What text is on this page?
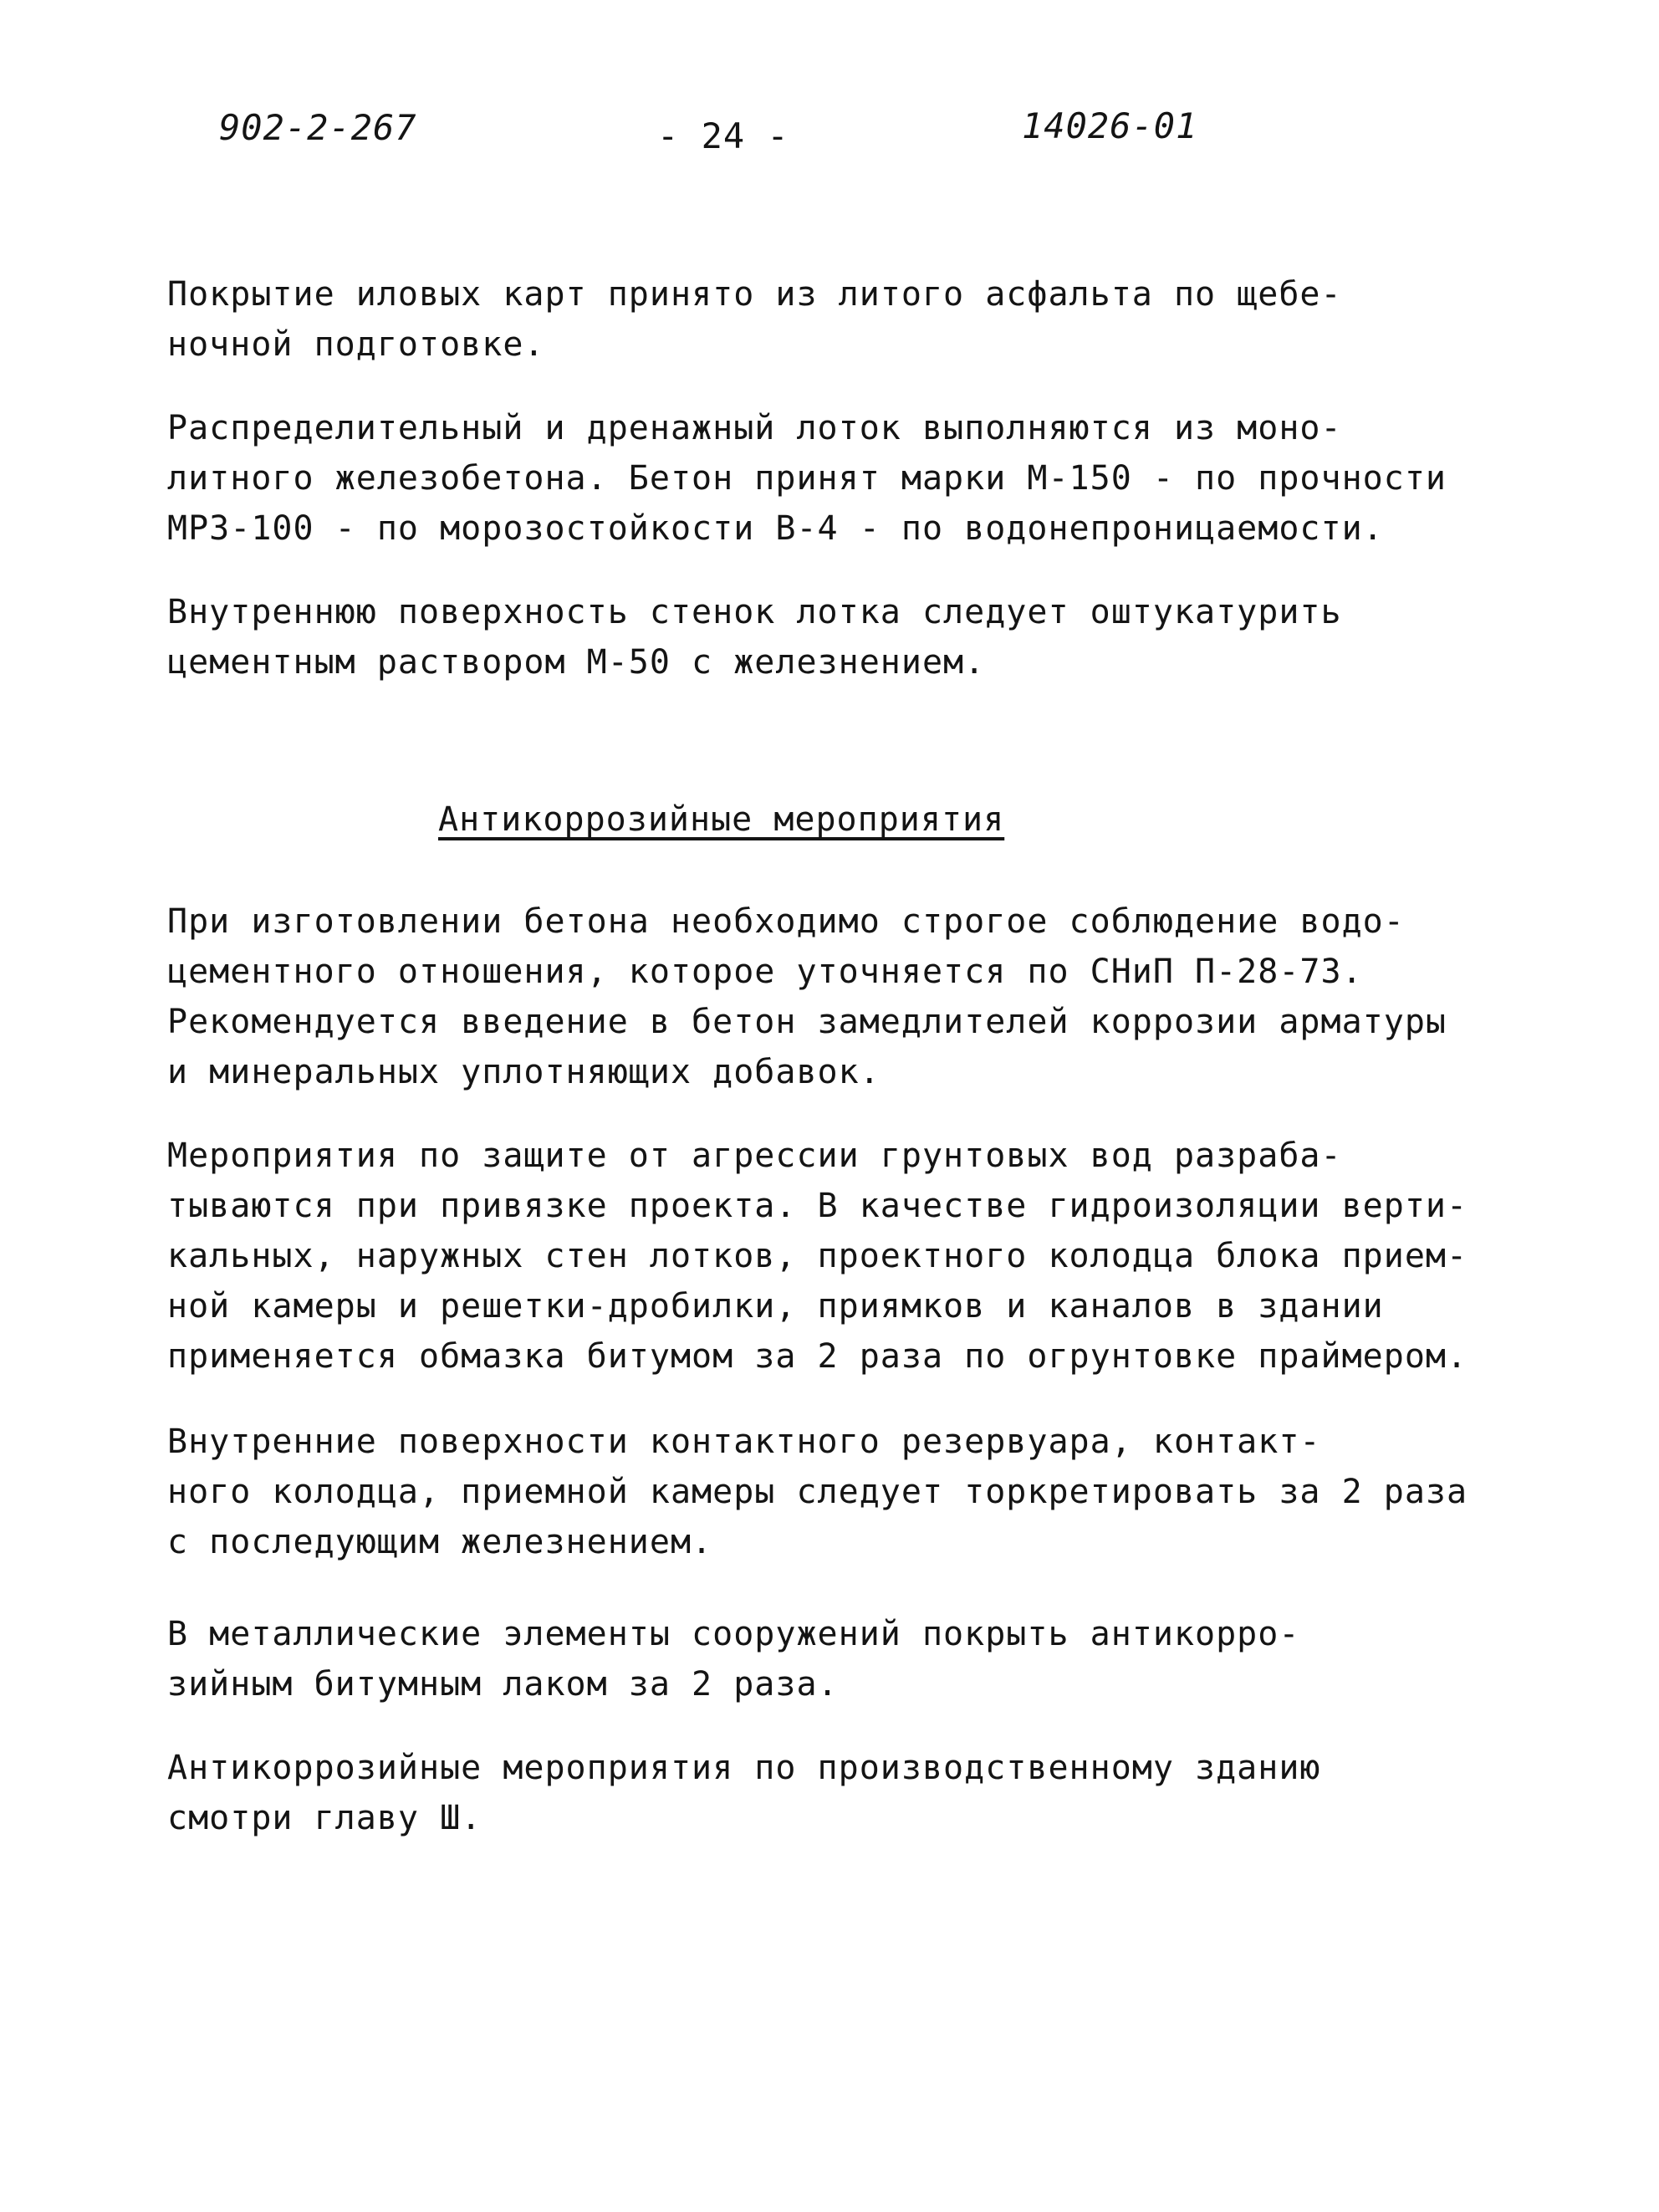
902-2-267	- 24 -	14026-01
Покрытие иловых карт принято из литого асфальта по щебе-
ночной подготовке.
Распределительный и дренажный лоток выполняются из моно-
литного железобетона. Бетон принят марки М-150 - по прочности
МРЗ-100 - по морозостойкости В-4 - по водонепроницаемости.
Внутреннюю поверхность стенок лотка следует оштукатурить
цементным раствором М-50 с железнением.
Антикоррозийные мероприятия
При изготовлении бетона необходимо строгое соблюдение водо-
цементного отношения, которое уточняется по СНиП П-28-73.
Рекомендуется введение в бетон замедлителей коррозии арматуры
и минеральных уплотняющих добавок.
Мероприятия по защите от агрессии грунтовых вод разраба-
тываются при привязке проекта. В качестве гидроизоляции верти-
кальных, наружных стен лотков, проектного колодца блока прием-
ной камеры и решетки-дробилки, приямков и каналов в здании
применяется обмазка битумом за 2 раза по огрунтовке праймером.
Внутренние поверхности контактного резервуара, контакт-
ного колодца, приемной камеры следует торкретировать за 2 раза
с последующим железнением.
В металлические элементы сооружений покрыть антикорро-
зийным битумным лаком за 2 раза.
Антикоррозийные мероприятия по производственному зданию
смотри главу Ш.
